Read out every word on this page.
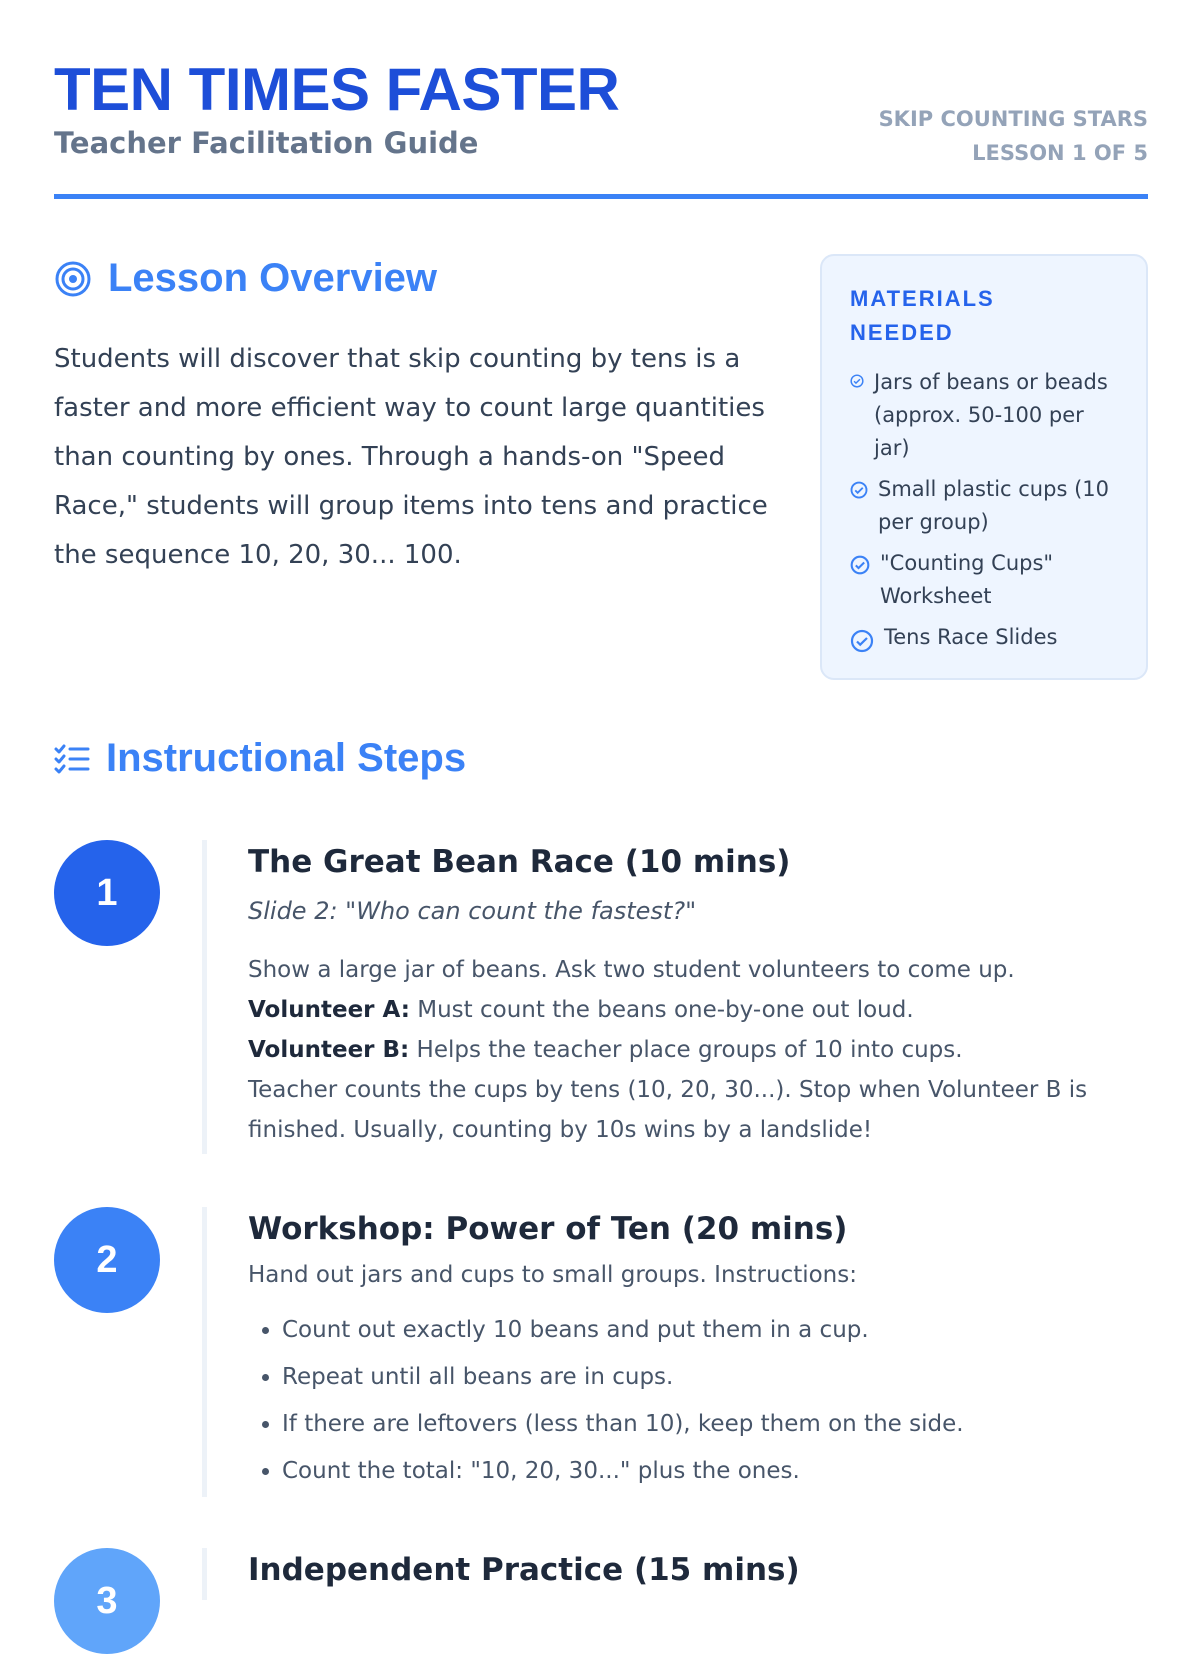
TEN TIMES FASTER
Teacher Facilitation Guide
SKIP COUNTING STARS
LESSON 1 OF 5
Lesson Overview

Students will discover that skip counting by tens is a faster and more efficient way to count large quantities than counting by ones. Through a hands-on "Speed Race," students will group items into tens and practice the sequence 10, 20, 30... 100.

MATERIALS NEEDED
Jars of beans or beads (approx. 50-100 per jar)
Small plastic cups (10 per group)
"Counting Cups" Worksheet
Tens Race Slides
Instructional Steps
1
The Great Bean Race (10 mins)
Slide 2: "Who can count the fastest?"
Show a large jar of beans. Ask two student volunteers to come up.
Volunteer A: Must count the beans one-by-one out loud.
Volunteer B: Helps the teacher place groups of 10 into cups.
Teacher counts the cups by tens (10, 20, 30...). Stop when Volunteer B is finished. Usually, counting by 10s wins by a landslide!
2
Workshop: Power of Ten (20 mins)
Hand out jars and cups to small groups. Instructions:
• Count out exactly 10 beans and put them in a cup.
• Repeat until all beans are in cups.
• If there are leftovers (less than 10), keep them on the side.
• Count the total: "10, 20, 30..." plus the ones.
3
Independent Practice (15 mins)
